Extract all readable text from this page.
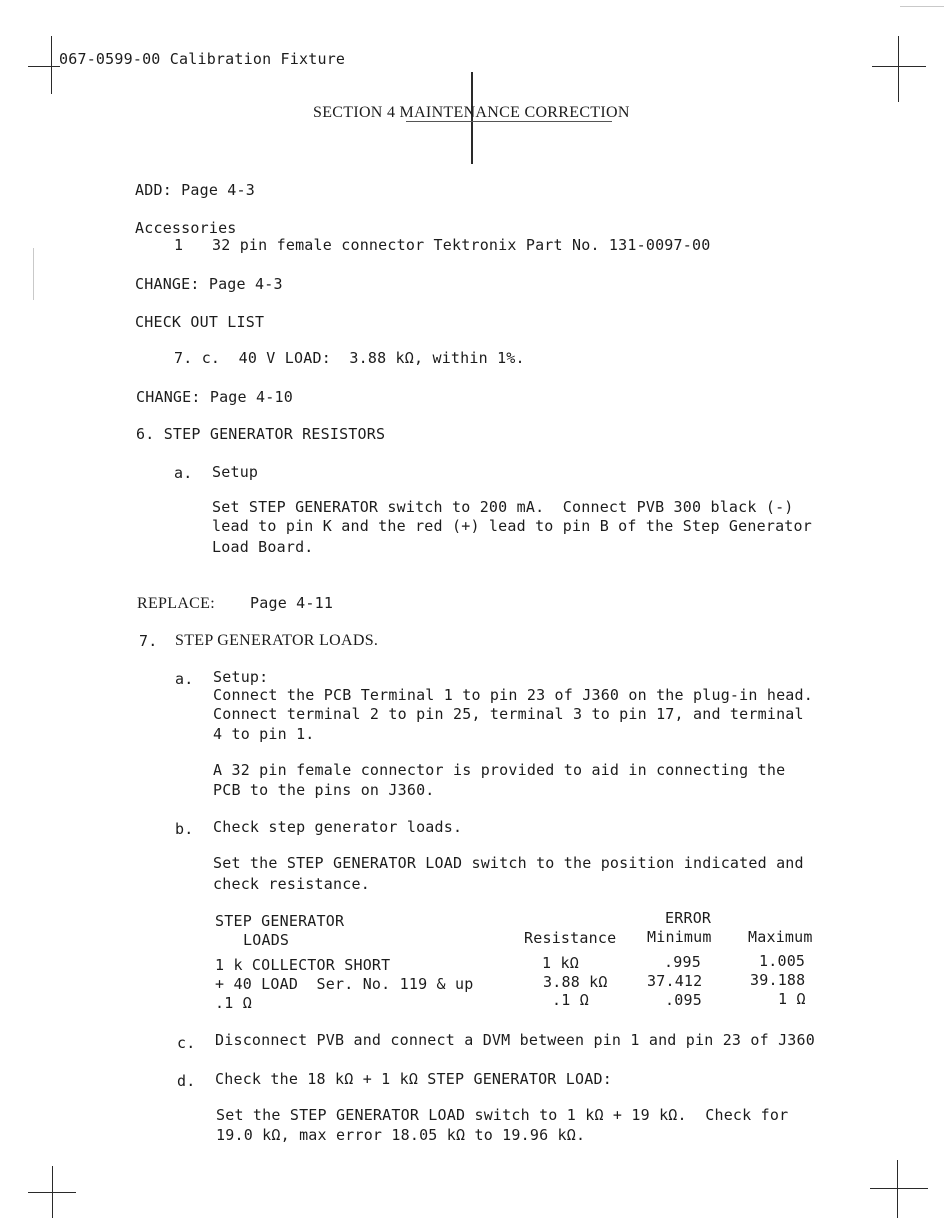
067-0599-00 Calibration Fixture
SECTION 4 MAINTENANCE CORRECTION
ADD: Page 4-3
Accessories
1 32 pin female connector Tektronix Part No. 131-0097-00
CHANGE: Page 4-3
CHECK OUT LIST
7. c.  40 V LOAD:  3.88 kΩ, within 1%.
CHANGE: Page 4-10
6. STEP GENERATOR RESISTORS
a. Setup
Set STEP GENERATOR switch to 200 mA.  Connect PVB 300 black (-)
lead to pin K and the red (+) lead to pin B of the Step Generator
Load Board.
REPLACE: Page 4-11
7. STEP GENERATOR LOADS.
a. Setup:
Connect the PCB Terminal 1 to pin 23 of J360 on the plug-in head.
Connect terminal 2 to pin 25, terminal 3 to pin 17, and terminal
4 to pin 1.
A 32 pin female connector is provided to aid in connecting the
PCB to the pins on J360.
b. Check step generator loads.
Set the STEP GENERATOR LOAD switch to the position indicated and
check resistance.
STEP GENERATOR
LOADS
ERROR
Resistance Minimum Maximum
1 k COLLECTOR SHORT	1 kΩ	.995	1.005
+ 40 LOAD  Ser. No. 119 & up	3.88 kΩ	37.412	39.188
.1 Ω	.1 Ω	.095	1 Ω
c. Disconnect PVB and connect a DVM between pin 1 and pin 23 of J360
d. Check the 18 kΩ + 1 kΩ STEP GENERATOR LOAD:
Set the STEP GENERATOR LOAD switch to 1 kΩ + 19 kΩ.  Check for
19.0 kΩ, max error 18.05 kΩ to 19.96 kΩ.
